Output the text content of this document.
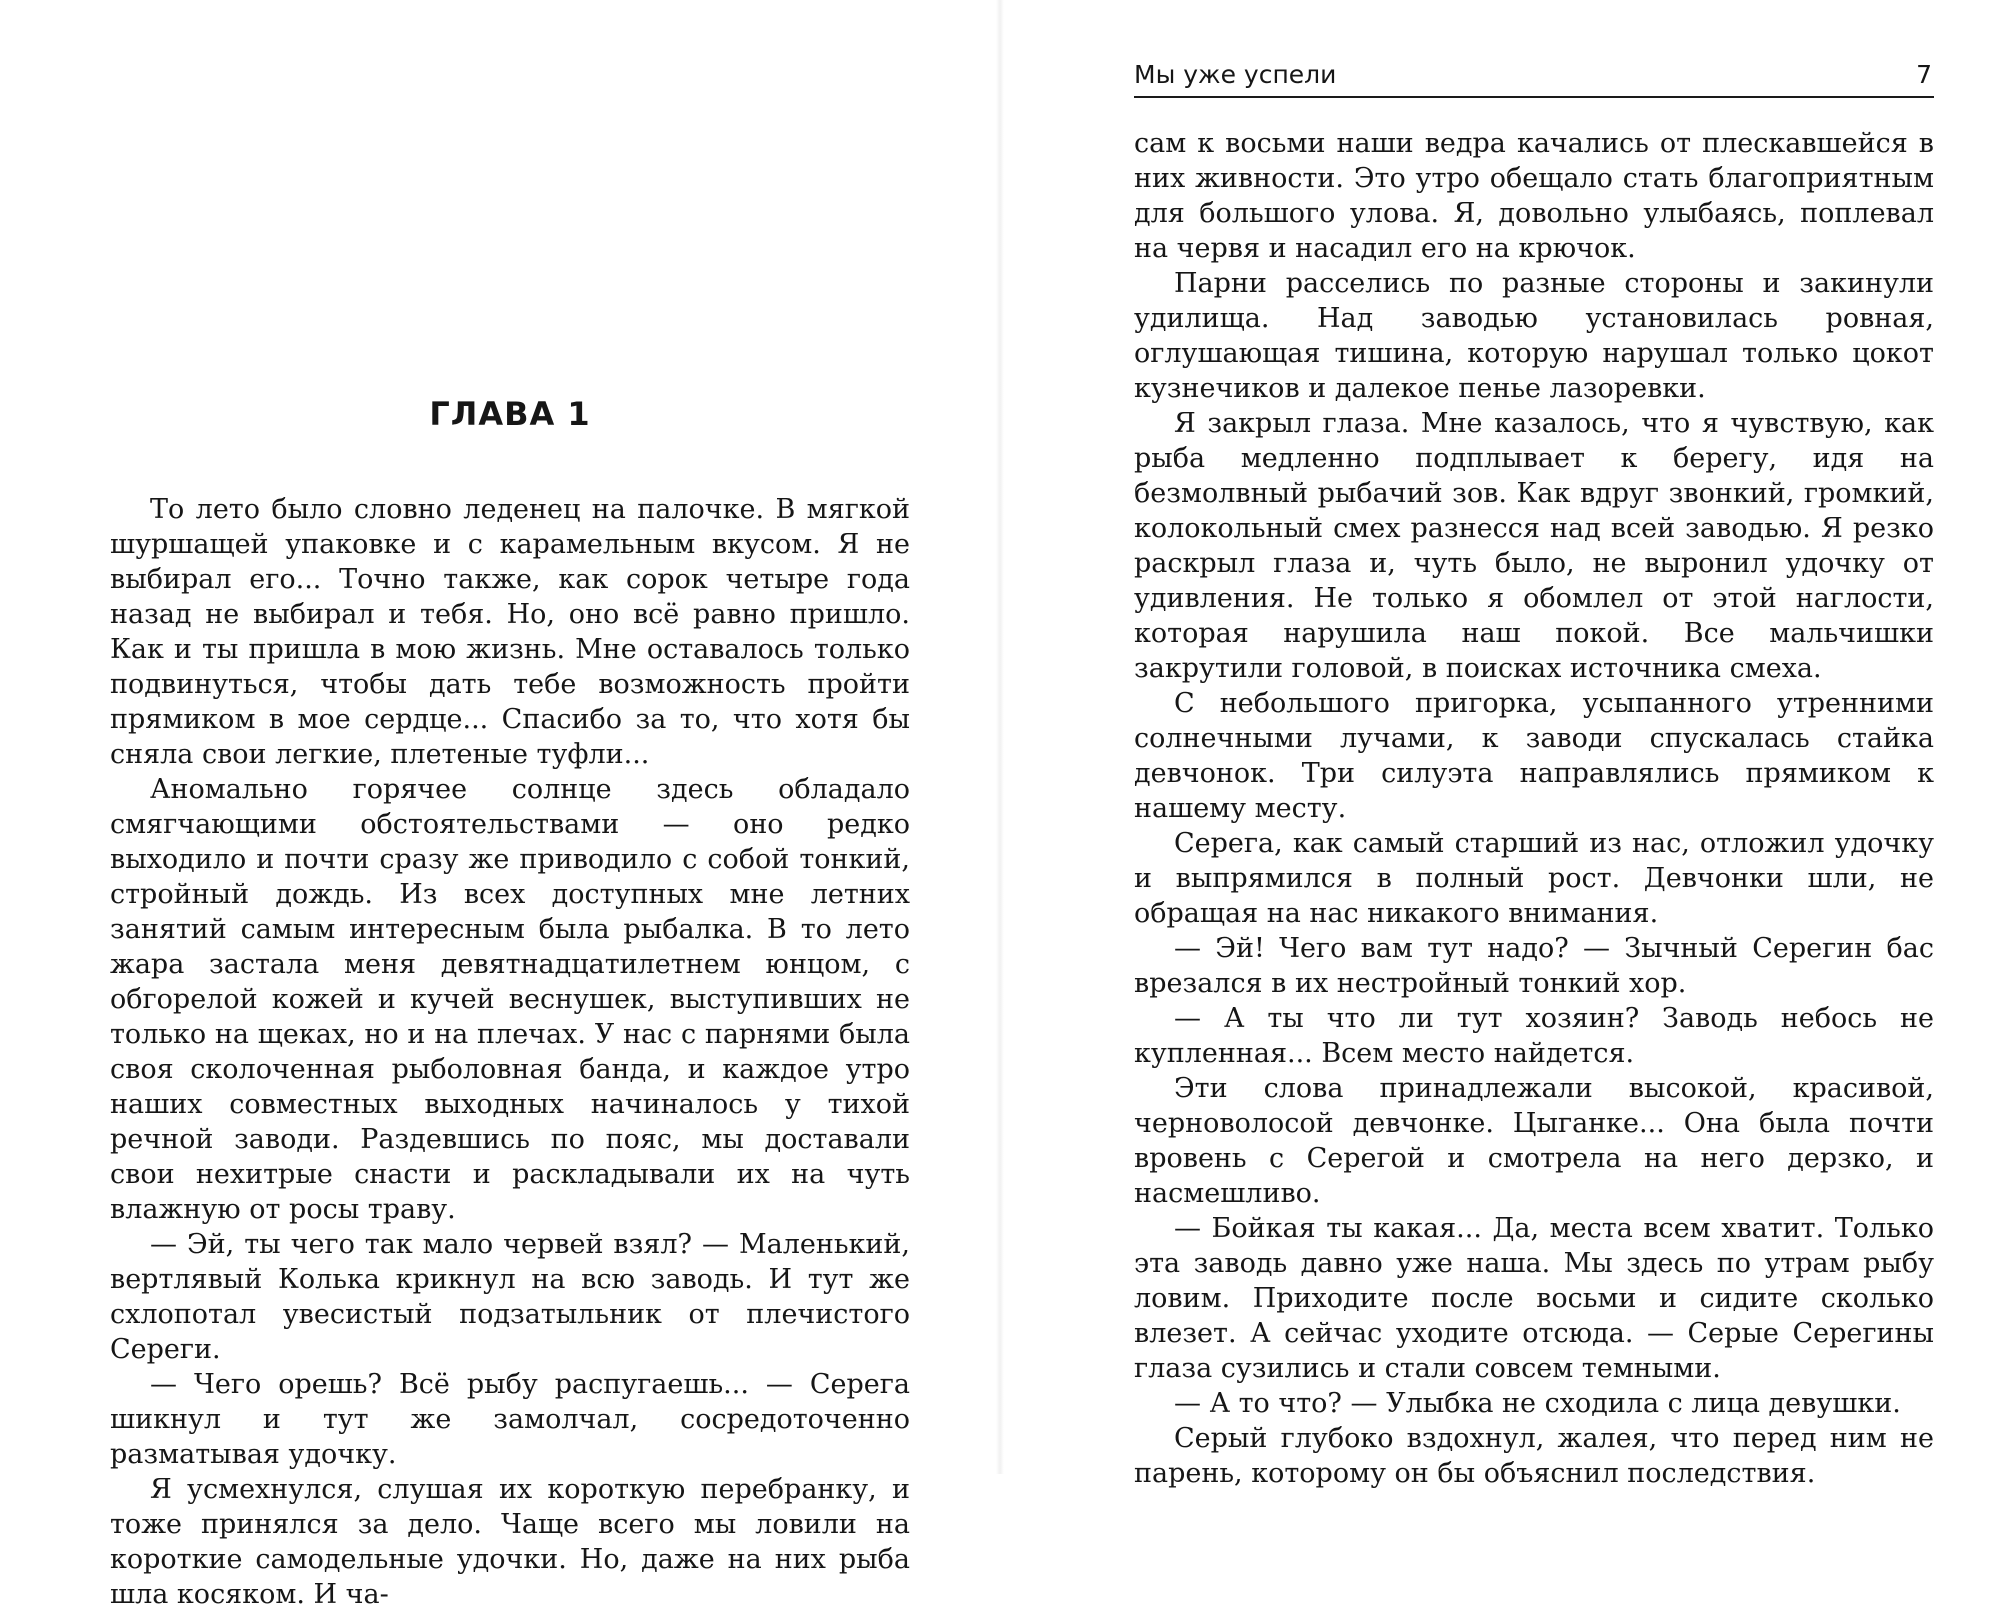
ГЛАВА 1

То лето было словно леденец на палочке. В мягкой шуршащей упаковке и с карамельным вкусом. Я не выбирал его... Точно также, как сорок четыре года назад не выбирал и тебя. Но, оно всё равно пришло. Как и ты пришла в мою жизнь. Мне оставалось только подвинуться, чтобы дать тебе возможность пройти прямиком в мое сердце... Спасибо за то, что хотя бы сняла свои легкие, плетеные туфли...

Аномально горячее солнце здесь обладало смягчающими обстоятельствами — оно редко выходило и почти сразу же приводило с собой тонкий, стройный дождь. Из всех доступных мне летних занятий самым интересным была рыбалка. В то лето жара застала меня девятнадцатилетнем юнцом, с обгорелой кожей и кучей веснушек, выступивших не только на щеках, но и на плечах. У нас с парнями была своя сколоченная рыболовная банда, и каждое утро наших совместных выходных начиналось у тихой речной заводи. Раздевшись по пояс, мы доставали свои нехитрые снасти и раскладывали их на чуть влажную от росы траву.

— Эй, ты чего так мало червей взял? — Маленький, вертлявый Колька крикнул на всю заводь. И тут же схлопотал увесистый подзатыльник от плечистого Сереги.

— Чего орешь? Всё рыбу распугаешь... — Серега шикнул и тут же замолчал, сосредоточенно разматывая удочку.

Я усмехнулся, слушая их короткую перебранку, и тоже принялся за дело. Чаще всего мы ловили на короткие самодельные удочки. Но, даже на них рыба шла косяком. И ча-

Мы уже успели	7

сам к восьми наши ведра качались от плескавшейся в них живности. Это утро обещало стать благоприятным для большого улова. Я, довольно улыбаясь, поплевал на червя и насадил его на крючок.

Парни расселись по разные стороны и закинули удилища. Над заводью установилась ровная, оглушающая тишина, которую нарушал только цокот кузнечиков и далекое пенье лазоревки.

Я закрыл глаза. Мне казалось, что я чувствую, как рыба медленно подплывает к берегу, идя на безмолвный рыбачий зов. Как вдруг звонкий, громкий, колокольный смех разнесся над всей заводью. Я резко раскрыл глаза и, чуть было, не выронил удочку от удивления. Не только я обомлел от этой наглости, которая нарушила наш покой. Все мальчишки закрутили головой, в поисках источника смеха.

С небольшого пригорка, усыпанного утренними солнечными лучами, к заводи спускалась стайка девчонок. Три силуэта направлялись прямиком к нашему месту.

Серега, как самый старший из нас, отложил удочку и выпрямился в полный рост. Девчонки шли, не обращая на нас никакого внимания.

— Эй! Чего вам тут надо? — Зычный Серегин бас врезался в их нестройный тонкий хор.

— А ты что ли тут хозяин? Заводь небось не купленная... Всем место найдется.

Эти слова принадлежали высокой, красивой, черноволосой девчонке. Цыганке... Она была почти вровень с Серегой и смотрела на него дерзко, и насмешливо.

— Бойкая ты какая... Да, места всем хватит. Только эта заводь давно уже наша. Мы здесь по утрам рыбу ловим. Приходите после восьми и сидите сколько влезет. А сейчас уходите отсюда. — Серые Серегины глаза сузились и стали совсем темными.

— А то что? — Улыбка не сходила с лица девушки.

Серый глубоко вздохнул, жалея, что перед ним не парень, которому он бы объяснил последствия.
